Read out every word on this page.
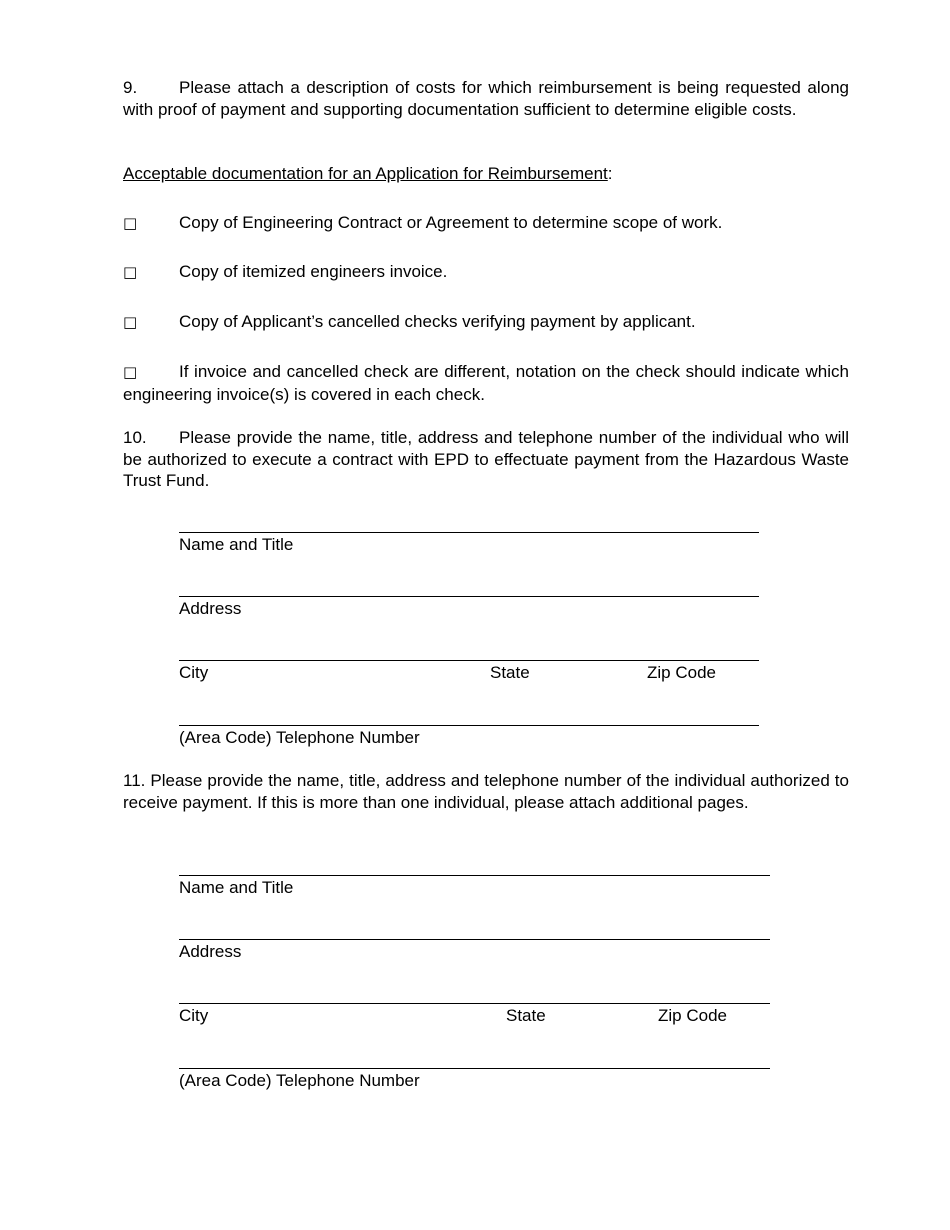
9. Please attach a description of costs for which reimbursement is being requested along with proof of payment and supporting documentation sufficient to determine eligible costs.
Acceptable documentation for an Application for Reimbursement:
□ Copy of Engineering Contract or Agreement to determine scope of work.
□ Copy of itemized engineers invoice.
□ Copy of Applicant’s cancelled checks verifying payment by applicant.
□ If invoice and cancelled check are different, notation on the check should indicate which engineering invoice(s) is covered in each check.
10. Please provide the name, title, address and telephone number of the individual who will be authorized to execute a contract with EPD to effectuate payment from the Hazardous Waste Trust Fund.
Name and Title
Address
City	State	Zip Code
(Area Code) Telephone Number
11. Please provide the name, title, address and telephone number of the individual authorized to receive payment. If this is more than one individual, please attach additional pages.
Name and Title
Address
City	State	Zip Code
(Area Code) Telephone Number
